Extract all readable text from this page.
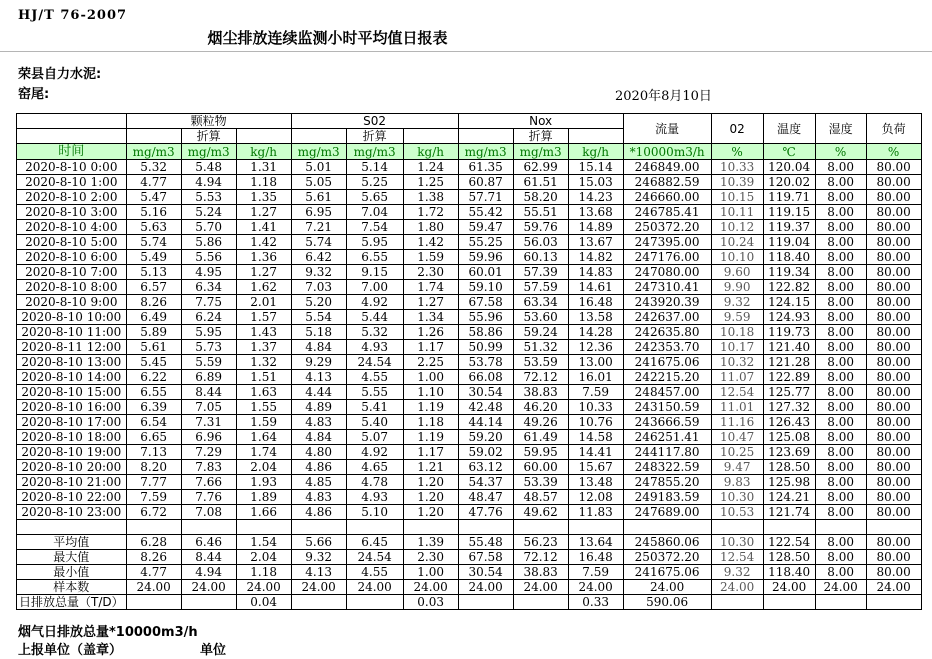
HJ/T 76-2007
烟尘排放连续监测小时平均值日报表
荣县自力水泥:
窑尾:	2020年8月10日
	颗粒物			S02			Nox			流量	02	温度	湿度	负荷
		折算			折算			折算						
时间	mg/m3	mg/m3	kg/h	mg/m3	mg/m3	kg/h	mg/m3	mg/m3	kg/h	*10000m3/h	%	℃	%	%
2020-8-10 0:00	5.32	5.48	1.31	5.01	5.14	1.24	61.35	62.99	15.14	246849.00	10.33	120.04	8.00	80.00
2020-8-10 1:00	4.77	4.94	1.18	5.05	5.25	1.25	60.87	61.51	15.03	246882.59	10.39	120.02	8.00	80.00
2020-8-10 2:00	5.47	5.53	1.35	5.61	5.65	1.38	57.71	58.20	14.23	246660.00	10.15	119.71	8.00	80.00
2020-8-10 3:00	5.16	5.24	1.27	6.95	7.04	1.72	55.42	55.51	13.68	246785.41	10.11	119.15	8.00	80.00
2020-8-10 4:00	5.63	5.70	1.41	7.21	7.54	1.80	59.47	59.76	14.89	250372.20	10.12	119.37	8.00	80.00
2020-8-10 5:00	5.74	5.86	1.42	5.74	5.95	1.42	55.25	56.03	13.67	247395.00	10.24	119.04	8.00	80.00
2020-8-10 6:00	5.49	5.56	1.36	6.42	6.55	1.59	59.96	60.13	14.82	247176.00	10.10	118.40	8.00	80.00
2020-8-10 7:00	5.13	4.95	1.27	9.32	9.15	2.30	60.01	57.39	14.83	247080.00	9.60	119.34	8.00	80.00
2020-8-10 8:00	6.57	6.34	1.62	7.03	7.00	1.74	59.10	57.59	14.61	247310.41	9.90	122.82	8.00	80.00
2020-8-10 9:00	8.26	7.75	2.01	5.20	4.92	1.27	67.58	63.34	16.48	243920.39	9.32	124.15	8.00	80.00
2020-8-10 10:00	6.49	6.24	1.57	5.54	5.44	1.34	55.96	53.60	13.58	242637.00	9.59	124.93	8.00	80.00
2020-8-10 11:00	5.89	5.95	1.43	5.18	5.32	1.26	58.86	59.24	14.28	242635.80	10.18	119.73	8.00	80.00
2020-8-11 12:00	5.61	5.73	1.37	4.84	4.93	1.17	50.99	51.32	12.36	242353.70	10.17	121.40	8.00	80.00
2020-8-10 13:00	5.45	5.59	1.32	9.29	24.54	2.25	53.78	53.59	13.00	241675.06	10.32	121.28	8.00	80.00
2020-8-10 14:00	6.22	6.89	1.51	4.13	4.55	1.00	66.08	72.12	16.01	242215.20	11.07	122.89	8.00	80.00
2020-8-10 15:00	6.55	8.44	1.63	4.44	5.55	1.10	30.54	38.83	7.59	248457.00	12.54	125.77	8.00	80.00
2020-8-10 16:00	6.39	7.05	1.55	4.89	5.41	1.19	42.48	46.20	10.33	243150.59	11.01	127.32	8.00	80.00
2020-8-10 17:00	6.54	7.31	1.59	4.83	5.40	1.18	44.14	49.26	10.76	243666.59	11.16	126.43	8.00	80.00
2020-8-10 18:00	6.65	6.96	1.64	4.84	5.07	1.19	59.20	61.49	14.58	246251.41	10.47	125.08	8.00	80.00
2020-8-10 19:00	7.13	7.29	1.74	4.80	4.92	1.17	59.02	59.95	14.41	244117.80	10.25	123.69	8.00	80.00
2020-8-10 20:00	8.20	7.83	2.04	4.86	4.65	1.21	63.12	60.00	15.67	248322.59	9.47	128.50	8.00	80.00
2020-8-10 21:00	7.77	7.66	1.93	4.85	4.78	1.20	54.37	53.39	13.48	247855.20	9.83	125.98	8.00	80.00
2020-8-10 22:00	7.59	7.76	1.89	4.83	4.93	1.20	48.47	48.57	12.08	249183.59	10.30	124.21	8.00	80.00
2020-8-10 23:00	6.72	7.08	1.66	4.86	5.10	1.20	47.76	49.62	11.83	247689.00	10.53	121.74	8.00	80.00

平均值	6.28	6.46	1.54	5.66	6.45	1.39	55.48	56.23	13.64	245860.06	10.30	122.54	8.00	80.00
最大值	8.26	8.44	2.04	9.32	24.54	2.30	67.58	72.12	16.48	250372.20	12.54	128.50	8.00	80.00
最小值	4.77	4.94	1.18	4.13	4.55	1.00	30.54	38.83	7.59	241675.06	9.32	118.40	8.00	80.00
样本数	24.00	24.00	24.00	24.00	24.00	24.00	24.00	24.00	24.00	24.00	24.00	24.00	24.00	24.00
日排放总量（T/D）			0.04			0.03			0.33	590.06				
烟气日排放总量*10000m3/h
上报单位（盖章）	单位
